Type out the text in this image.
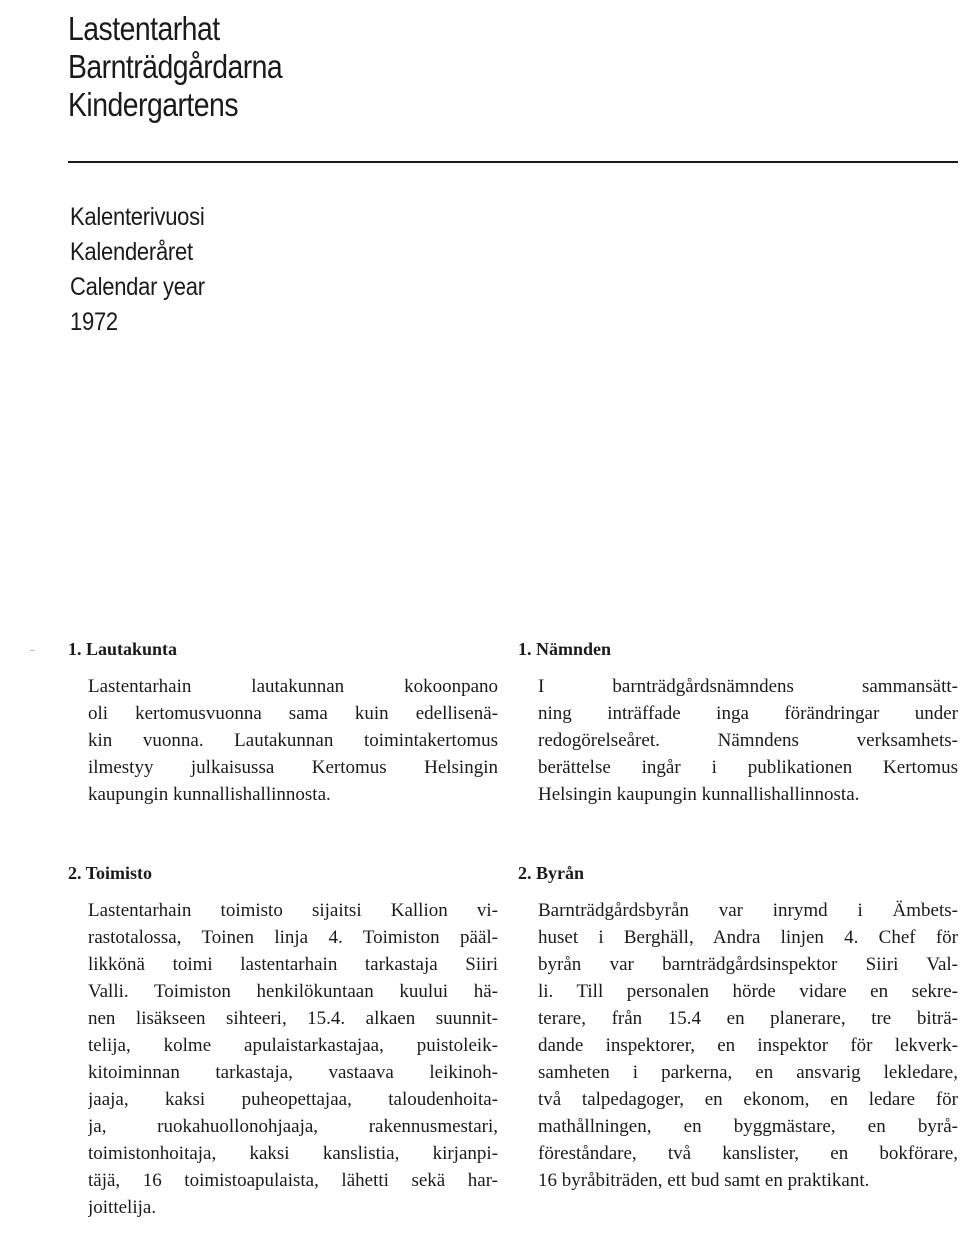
Lastentarhat
Barnträdgårdarna
Kindergartens
Kalenterivuosi
Kalenderåret
Calendar year
1972
1. Lautakunta
Lastentarhain lautakunnan kokoonpano
oli kertomusvuonna sama kuin edellisenä-
kin vuonna. Lautakunnan toimintakertomus
ilmestyy julkaisussa Kertomus Helsingin
kaupungin kunnallishallinnosta.
1. Nämnden
I barnträdgårdsnämndens sammansätt-
ning inträffade inga förändringar under
redogörelseåret. Nämndens verksamhets-
berättelse ingår i publikationen Kertomus
Helsingin kaupungin kunnallishallinnosta.
2. Toimisto
Lastentarhain toimisto sijaitsi Kallion vi-
rastotalossa, Toinen linja 4. Toimiston pääl-
likkönä toimi lastentarhain tarkastaja Siiri
Valli. Toimiston henkilökuntaan kuului hä-
nen lisäkseen sihteeri, 15.4. alkaen suunnit-
telija, kolme apulaistarkastajaa, puistoleik-
kitoiminnan tarkastaja, vastaava leikinoh-
jaaja, kaksi puheopettajaa, taloudenhoita-
ja, ruokahuollonohjaaja, rakennusmestari,
toimistonhoitaja, kaksi kanslistia, kirjanpi-
täjä, 16 toimistoapulaista, lähetti sekä har-
joittelija.
2. Byrån
Barnträdgårdsbyrån var inrymd i Ämbets-
huset i Berghäll, Andra linjen 4. Chef för
byrån var barnträdgårdsinspektor Siiri Val-
li. Till personalen hörde vidare en sekre-
terare, från 15.4 en planerare, tre biträ-
dande inspektorer, en inspektor för lekverk-
samheten i parkerna, en ansvarig lekledare,
två talpedagoger, en ekonom, en ledare för
mathållningen, en byggmästare, en byrå-
föreståndare, två kanslister, en bokförare,
16 byråbiträden, ett bud samt en praktikant.
